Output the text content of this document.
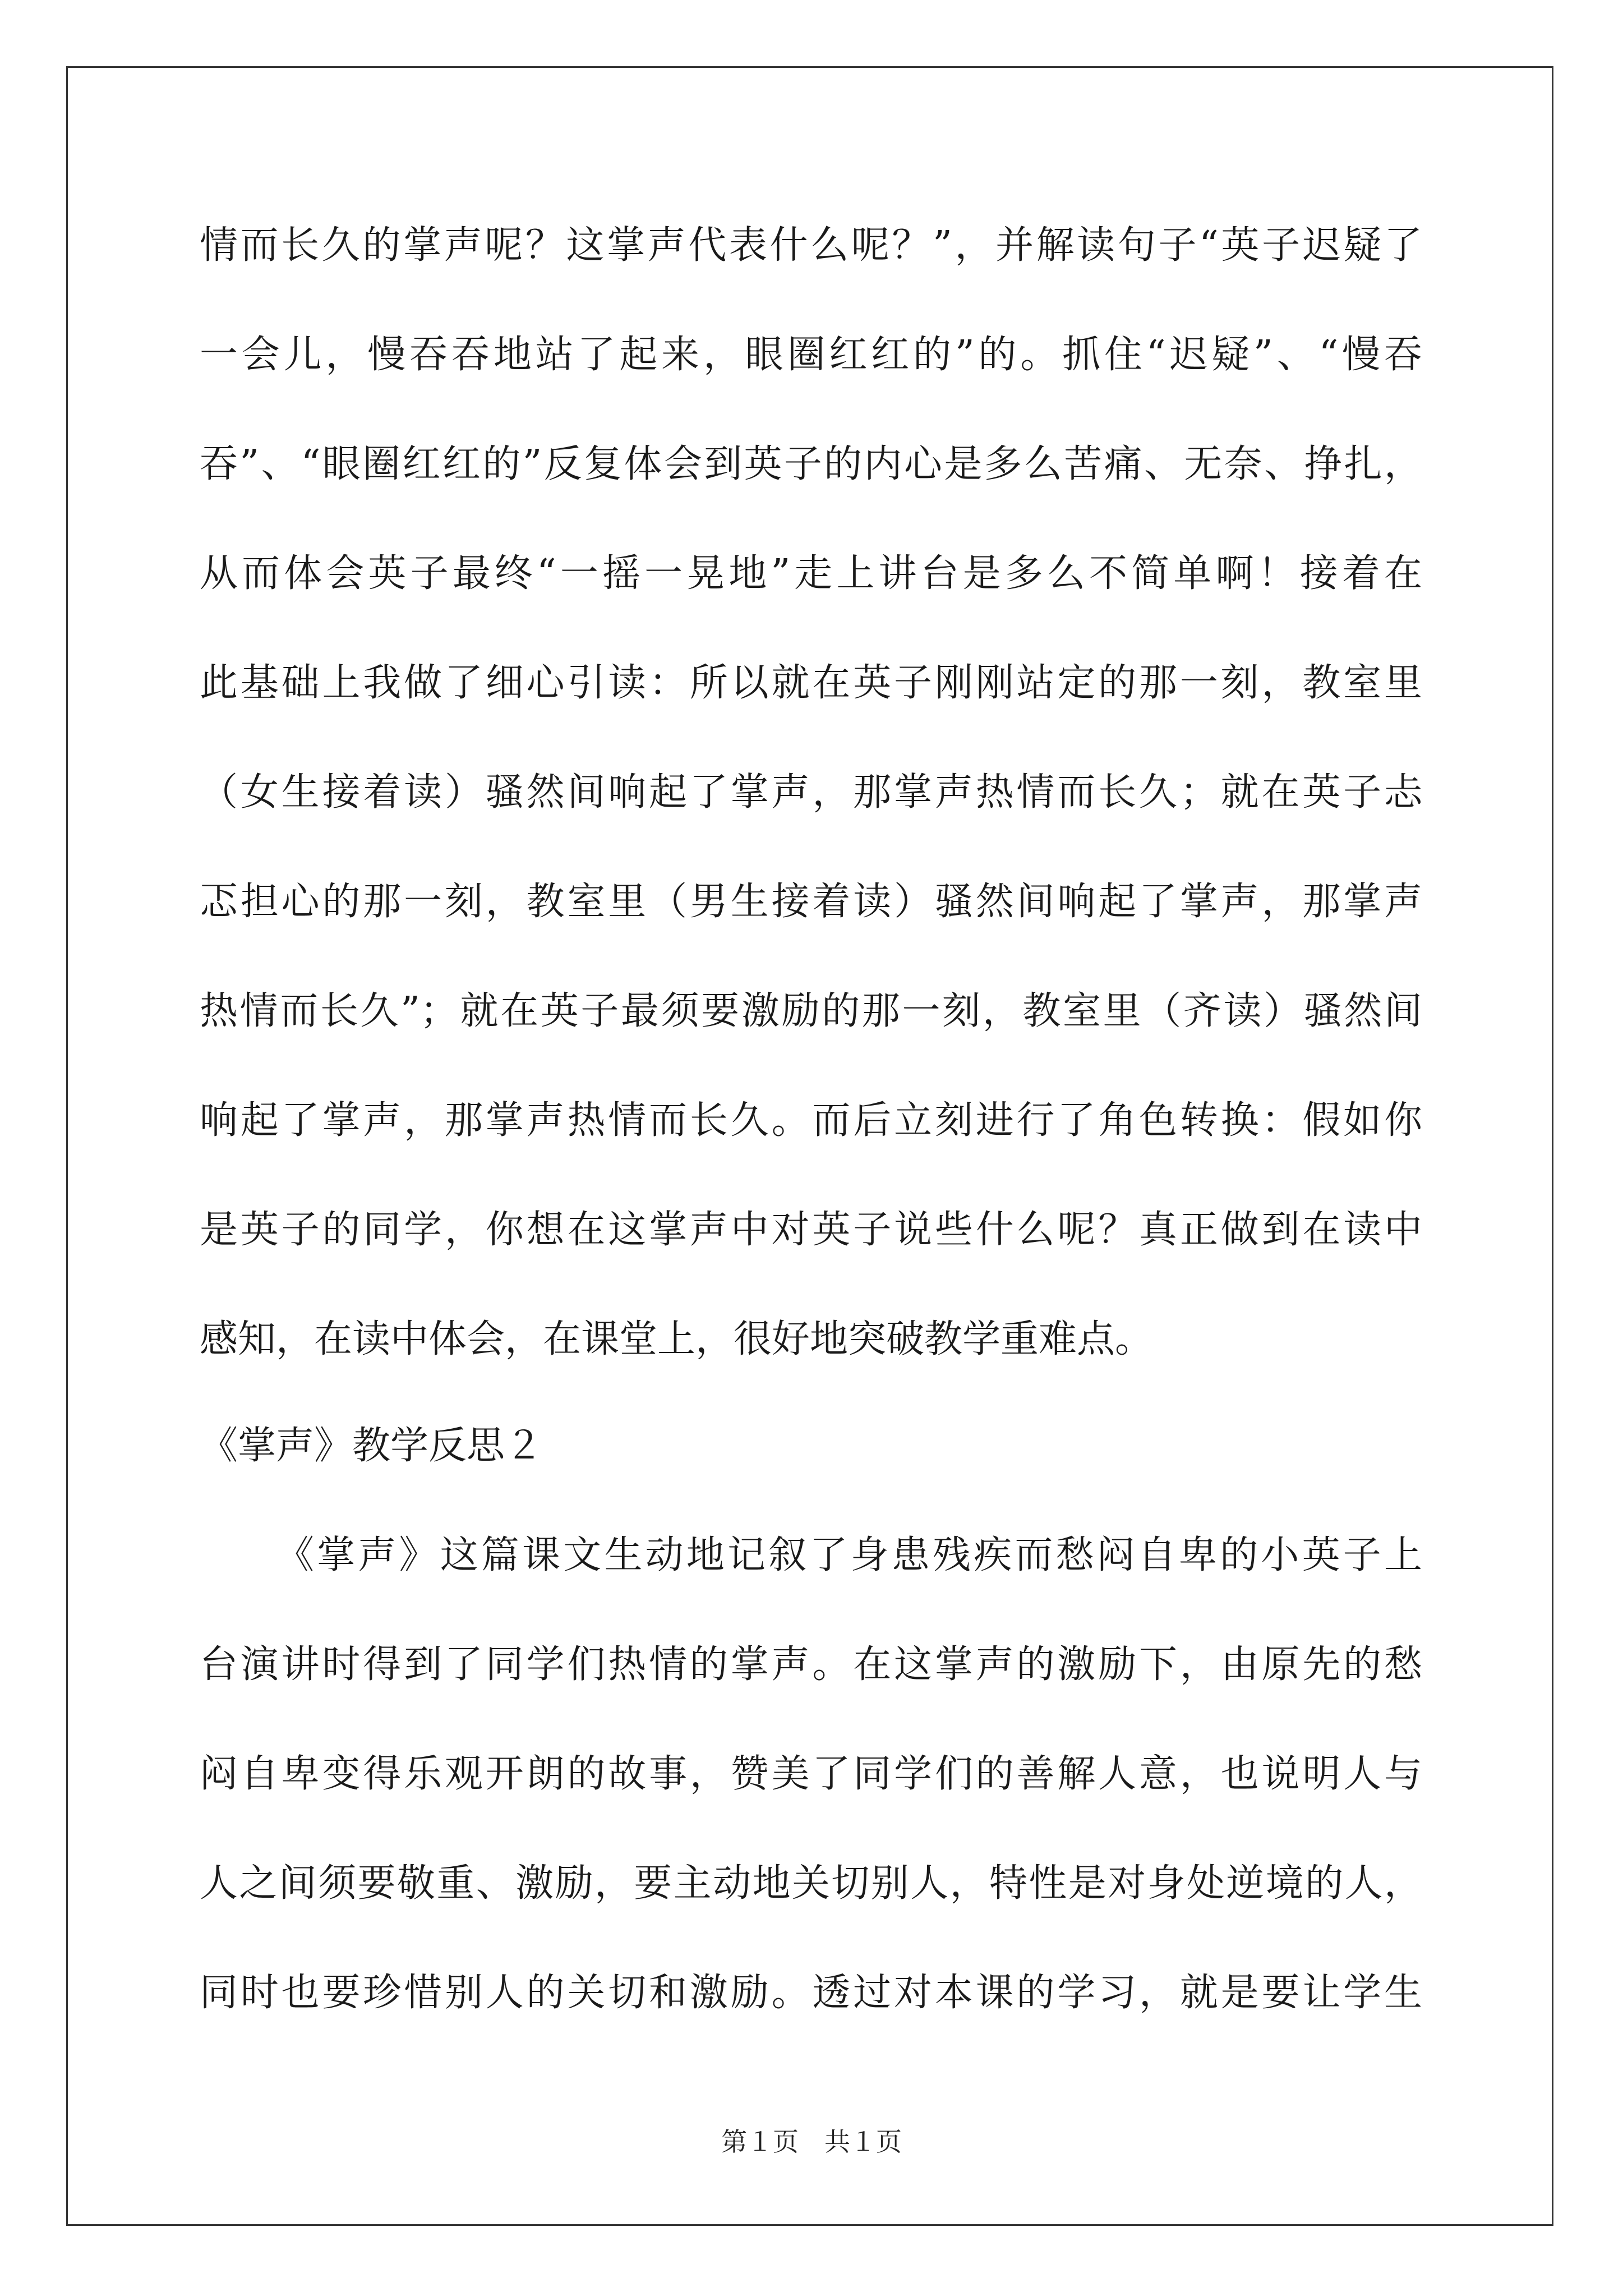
情而长久的掌声呢？这掌声代表什么呢？”，并解读句子“英子迟疑了
一会儿，慢吞吞地站了起来，眼圈红红的”的。抓住“迟疑”、“慢吞
吞”、“眼圈红红的”反复体会到英子的内心是多么苦痛、无奈、挣扎，
从而体会英子最终“一摇一晃地”走上讲台是多么不简单啊！接着在
此基础上我做了细心引读：所以就在英子刚刚站定的那一刻，教室里
（女生接着读）骚然间响起了掌声，那掌声热情而长久；就在英子忐
忑担心的那一刻，教室里（男生接着读）骚然间响起了掌声，那掌声
热情而长久”；就在英子最须要激励的那一刻，教室里（齐读）骚然间
响起了掌声，那掌声热情而长久。而后立刻进行了角色转换：假如你
是英子的同学，你想在这掌声中对英子说些什么呢？真正做到在读中
感知，在读中体会，在课堂上，很好地突破教学重难点。
《掌声》教学反思２
《掌声》这篇课文生动地记叙了身患残疾而愁闷自卑的小英子上
台演讲时得到了同学们热情的掌声。在这掌声的激励下，由原先的愁
闷自卑变得乐观开朗的故事，赞美了同学们的善解人意，也说明人与
人之间须要敬重、激励，要主动地关切别人，特性是对身处逆境的人，
同时也要珍惜别人的关切和激励。透过对本课的学习，就是要让学生
第１页　共１页
